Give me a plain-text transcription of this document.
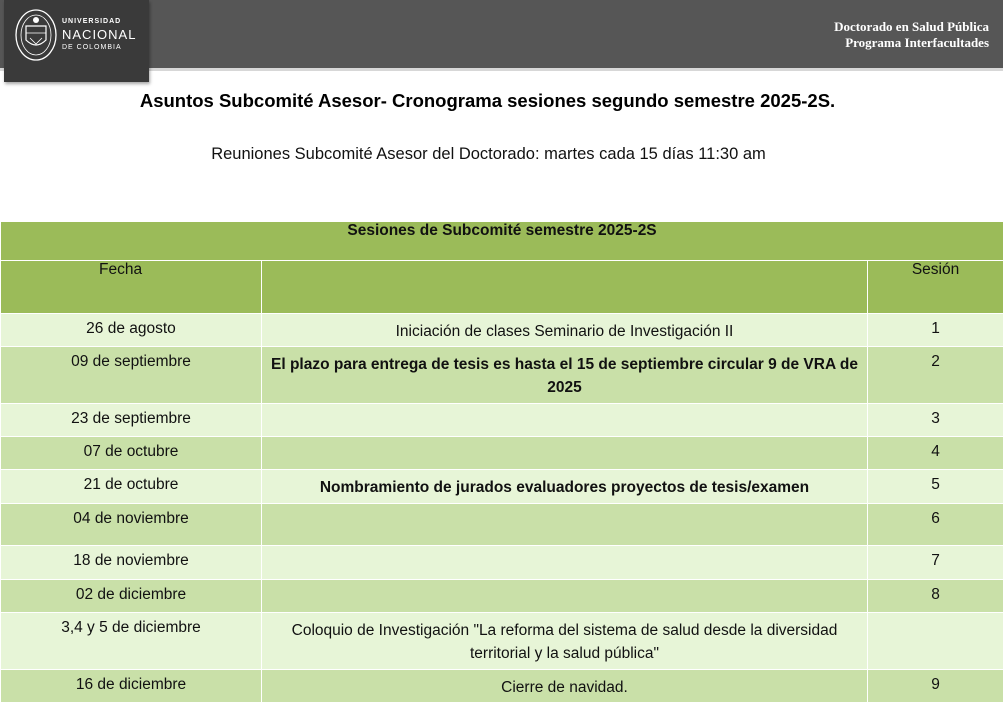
UNIVERSIDAD
NACIONAL
DE COLOMBIA
Doctorado en Salud Pública
Programa Interfacultades
Asuntos Subcomité Asesor- Cronograma sesiones segundo semestre 2025-2S.
Reuniones Subcomité Asesor del Doctorado: martes cada 15 días 11:30 am
Sesiones de Subcomité semestre 2025-2S		
Fecha		Sesión
26 de agosto	Iniciación de clases Seminario de Investigación II	1
09 de septiembre	El plazo para entrega de tesis es hasta el 15 de septiembre circular 9 de VRA de 2025	2
23 de septiembre		3
07 de octubre		4
21 de octubre	Nombramiento de jurados evaluadores proyectos de tesis/examen	5
04 de noviembre		6
18 de noviembre		7
02 de diciembre		8
3,4 y 5 de diciembre	Coloquio de Investigación "La reforma del sistema de salud desde la diversidad territorial y la salud pública"	
16 de diciembre	Cierre de navidad.	9
